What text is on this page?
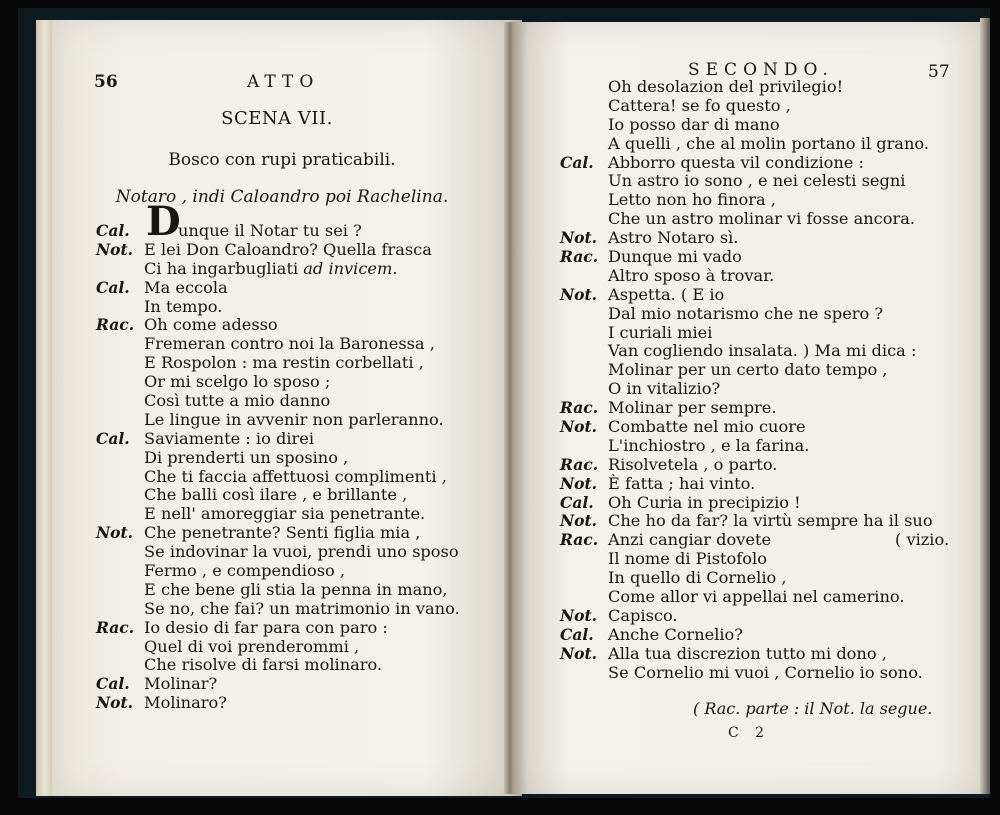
56	ATTO
SCENA VII.
Bosco con rupi praticabili.
Notaro , indi Caloandro poi Rachelina.
Cal. D
unque il Notar tu sei ?
Not. E lei Don Caloandro? Quella frasca
Ci ha ingarbugliati ad invicem.
Cal. Ma eccola
In tempo.
Rac. Oh come adesso
Fremeran contro noi la Baronessa ,
E Rospolon : ma restin corbellati ,
Or mi scelgo lo sposo ;
Così tutte a mio danno
Le lingue in avvenir non parleranno.
Cal. Saviamente : io direi
Di prenderti un sposino ,
Che ti faccia affettuosi complimenti ,
Che balli così ilare , e brillante ,
E nell' amoreggiar sia penetrante.
Not. Che penetrante? Senti figlia mia ,
Se indovinar la vuoi, prendi uno sposo
Fermo , e compendioso ,
E che bene gli stia la penna in mano,
Se no, che fai? un matrimonio in vano.
Rac. Io desio di far para con paro :
Quel di voi prenderommi ,
Che risolve di farsi molinaro.
Cal. Molinar?
Not. Molinaro?
SECONDO.	57
Oh desolazion del privilegio!
Cattera! se fo questo ,
Io posso dar di mano
A quelli , che al molin portano il grano.
Cal. Abborro questa vil condizione :
Un astro io sono , e nei celesti segni
Letto non ho finora ,
Che un astro molinar vi fosse ancora.
Not. Astro Notaro sì.
Rac. Dunque mi vado
Altro sposo à trovar.
Not. Aspetta. ( E io
Dal mio notarismo che ne spero ?
I curiali miei
Van cogliendo insalata. ) Ma mi dica :
Molinar per un certo dato tempo ,
O in vitalizio?
Rac. Molinar per sempre.
Not. Combatte nel mio cuore
L'inchiostro , e la farina.
Rac. Risolvetela , o parto.
Not. È fatta ; hai vinto.
Cal. Oh Curia in precipizio !
Not. Che ho da far? la virtù sempre ha il suo
Rac. Anzi cangiar dovete	( vizio.
Il nome di Pistofolo
In quello di Cornelio ,
Come allor vi appellai nel camerino.
Not. Capisco.
Cal. Anche Cornelio?
Not. Alla tua discrezion tutto mi dono ,
Se Cornelio mi vuoi , Cornelio io sono.
( Rac. parte : il Not. la segue.
C 2
